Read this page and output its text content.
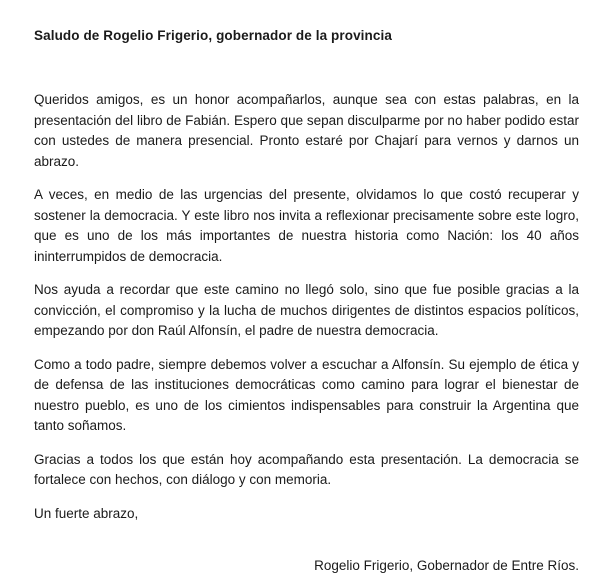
Saludo de Rogelio Frigerio, gobernador de la provincia

Queridos amigos, es un honor acompañarlos, aunque sea con estas palabras, en la presentación del libro de Fabián. Espero que sepan disculparme por no haber podido estar con ustedes de manera presencial. Pronto estaré por Chajarí para vernos y darnos un abrazo.

A veces, en medio de las urgencias del presente, olvidamos lo que costó recuperar y sostener la democracia. Y este libro nos invita a reflexionar precisamente sobre este logro, que es uno de los más importantes de nuestra historia como Nación: los 40 años ininterrumpidos de democracia.

Nos ayuda a recordar que este camino no llegó solo, sino que fue posible gracias a la convicción, el compromiso y la lucha de muchos dirigentes de distintos espacios políticos, empezando por don Raúl Alfonsín, el padre de nuestra democracia.

Como a todo padre, siempre debemos volver a escuchar a Alfonsín. Su ejemplo de ética y de defensa de las instituciones democráticas como camino para lograr el bienestar de nuestro pueblo, es uno de los cimientos indispensables para construir la Argentina que tanto soñamos.

Gracias a todos los que están hoy acompañando esta presentación. La democracia se fortalece con hechos, con diálogo y con memoria.

Un fuerte abrazo,

Rogelio Frigerio, Gobernador de Entre Ríos.
